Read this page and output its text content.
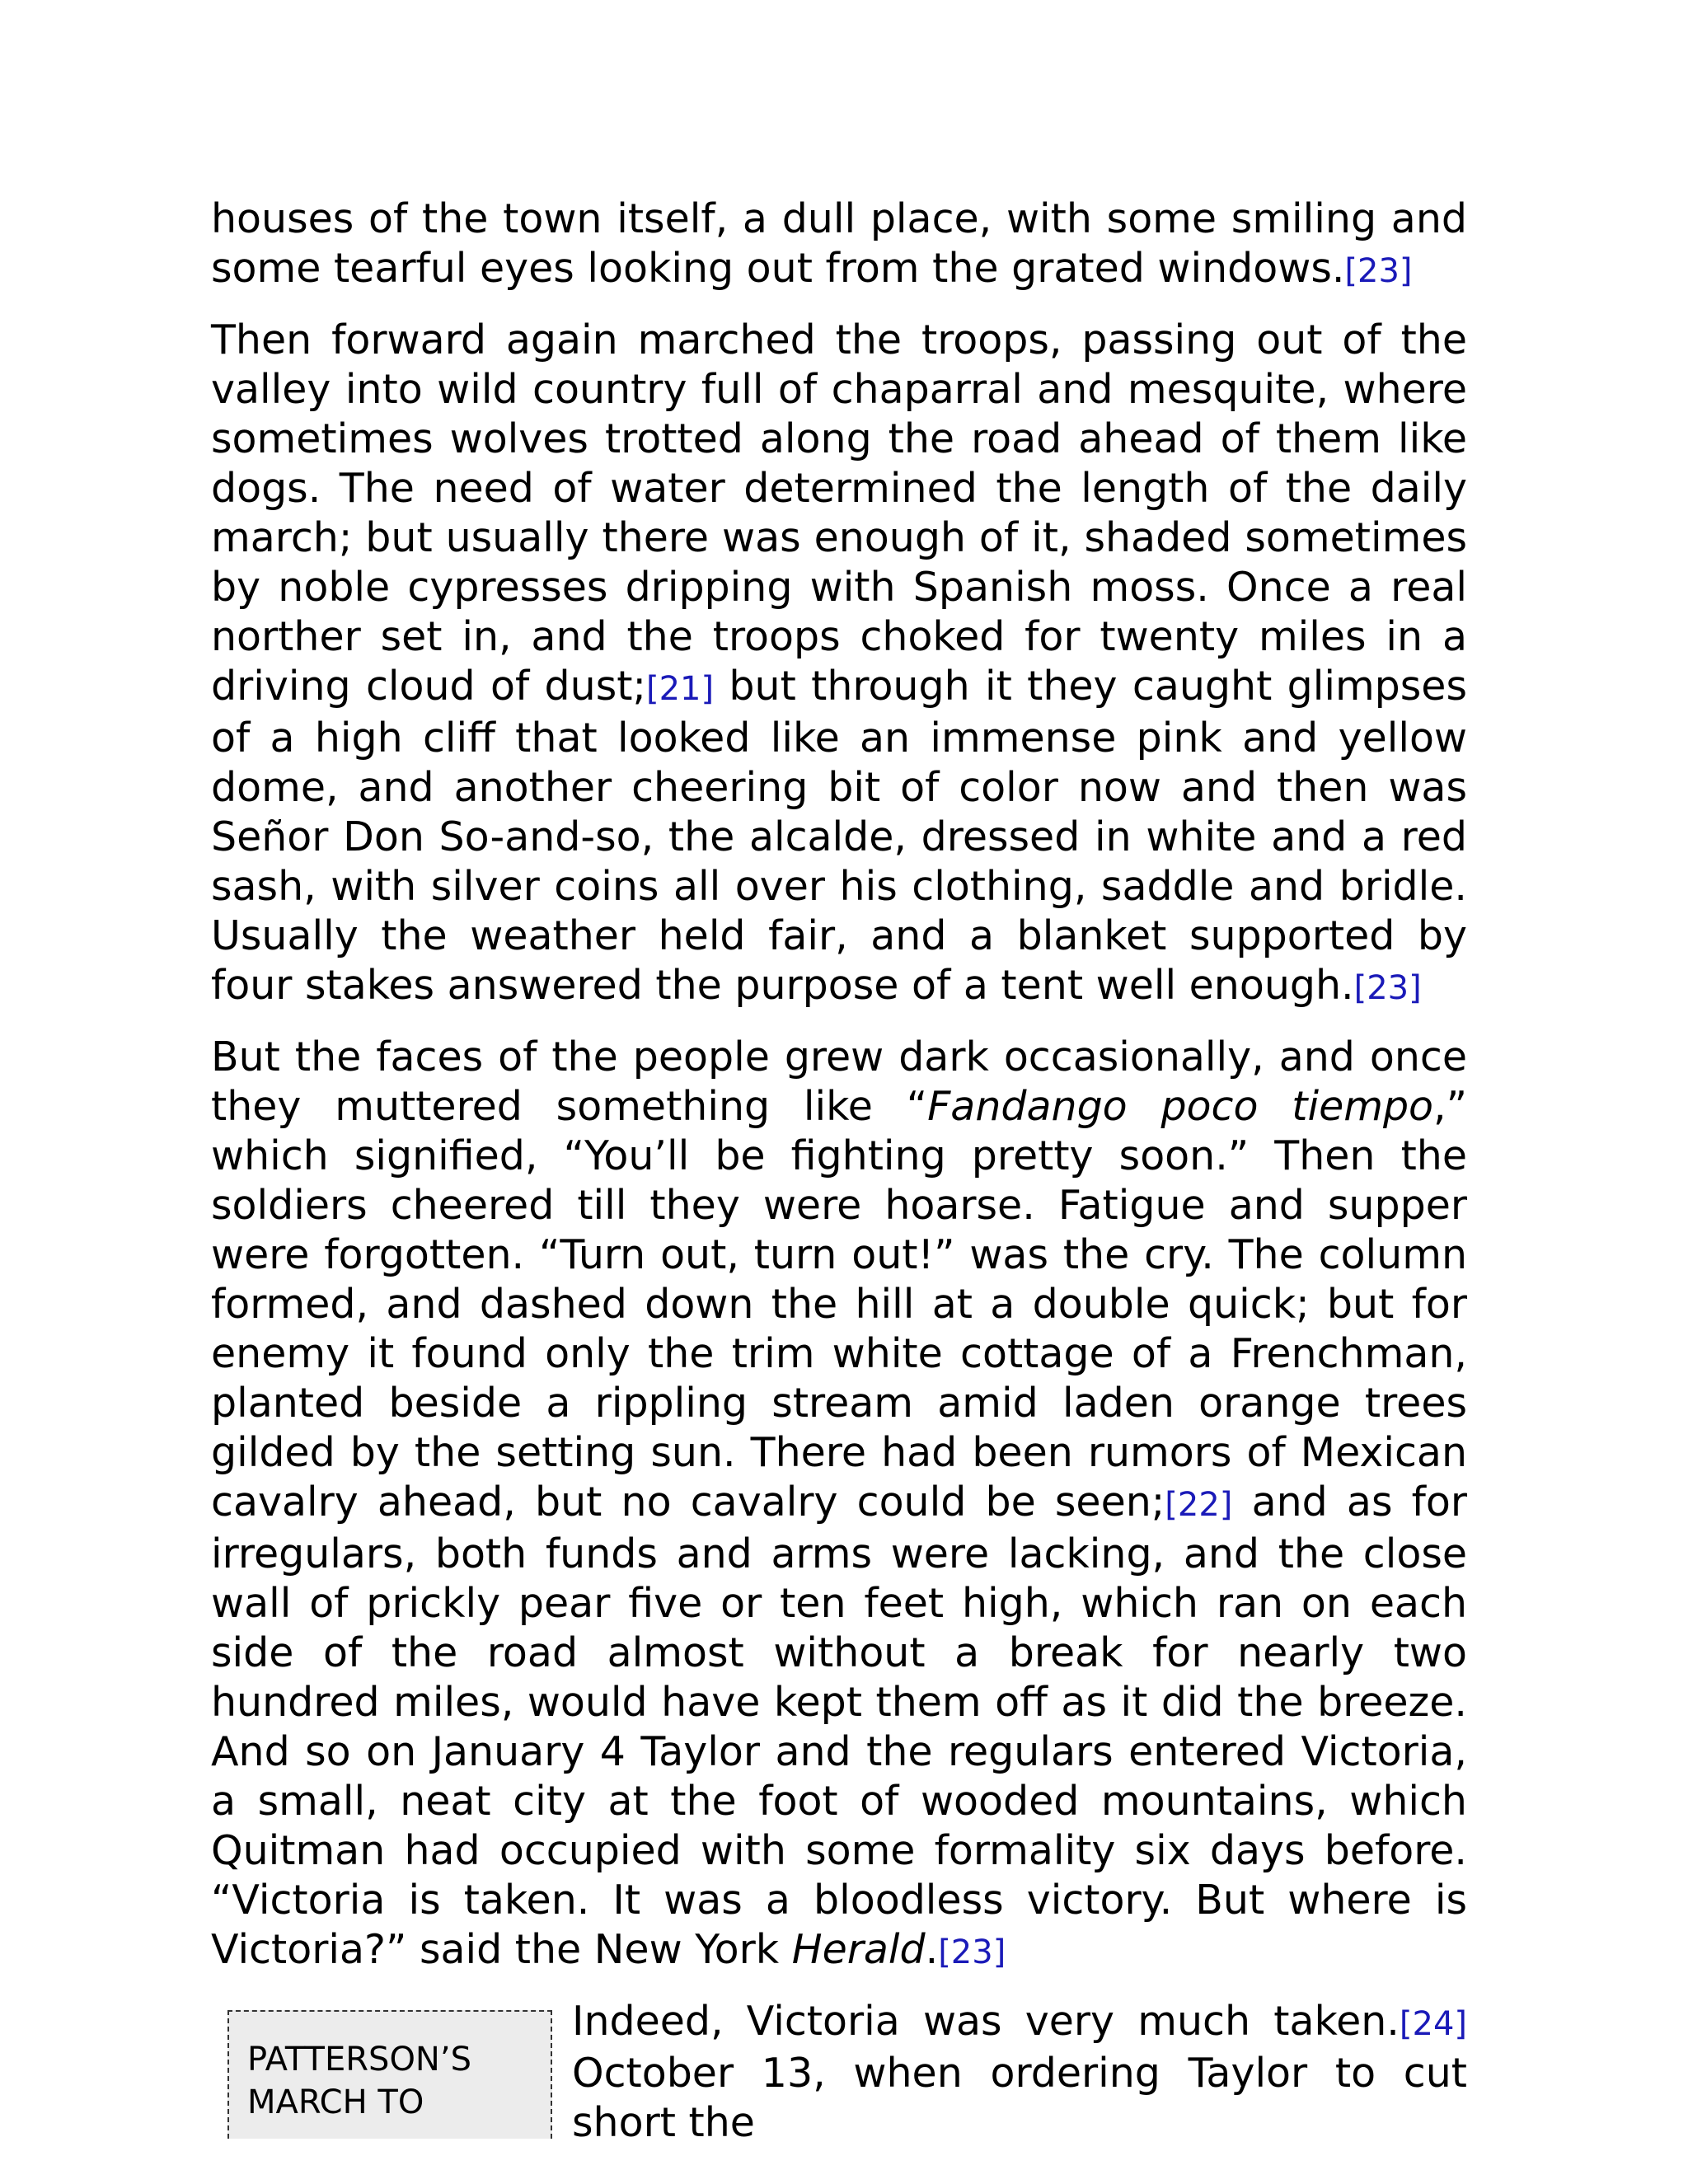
houses of the town itself, a dull place, with some smiling and some tearful eyes looking out from the grated windows.[23]

Then forward again marched the troops, passing out of the valley into wild country full of chaparral and mesquite, where sometimes wolves trotted along the road ahead of them like dogs. The need of water determined the length of the daily march; but usually there was enough of it, shaded sometimes by noble cypresses dripping with Spanish moss. Once a real norther set in, and the troops choked for twenty miles in a driving cloud of dust;[21] but through it they caught glimpses of a high cliff that looked like an immense pink and yellow dome, and another cheering bit of color now and then was Señor Don So-and-so, the alcalde, dressed in white and a red sash, with silver coins all over his clothing, saddle and bridle. Usually the weather held fair, and a blanket supported by four stakes answered the purpose of a tent well enough.[23]

But the faces of the people grew dark occasionally, and once they muttered something like “Fandango poco tiempo,” which signified, “You’ll be fighting pretty soon.” Then the soldiers cheered till they were hoarse. Fatigue and supper were forgotten. “Turn out, turn out!” was the cry. The column formed, and dashed down the hill at a double quick; but for enemy it found only the trim white cottage of a Frenchman, planted beside a rippling stream amid laden orange trees gilded by the setting sun. There had been rumors of Mexican cavalry ahead, but no cavalry could be seen;[22] and as for irregulars, both funds and arms were lacking, and the close wall of prickly pear five or ten feet high, which ran on each side of the road almost without a break for nearly two hundred miles, would have kept them off as it did the breeze. And so on January 4 Taylor and the regulars entered Victoria, a small, neat city at the foot of wooded mountains, which Quitman had occupied with some formality six days before. “Victoria is taken. It was a bloodless victory. But where is Victoria?” said the New York Herald.[23]

PATTERSON’S MARCH TO
Indeed, Victoria was very much taken.[24] October 13, when ordering Taylor to cut short the
